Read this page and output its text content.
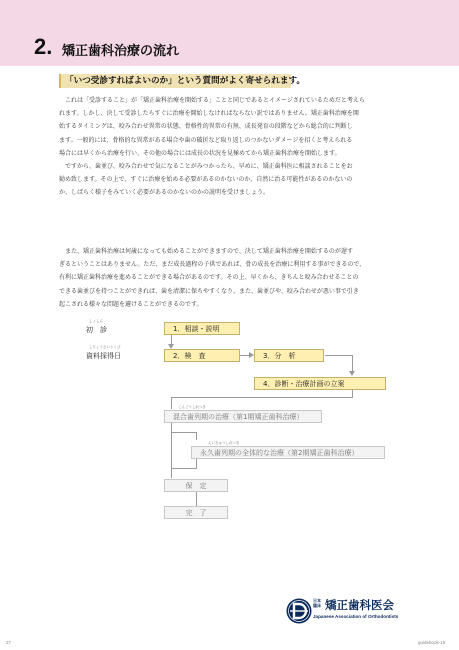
2. 矯正歯科治療の流れ
「いつ受診すればよいのか」という質問がよく寄せられます。

これは「受診すること」が「矯正歯科治療を開始する」ことと同じであるとイメージされているためだと考えら

れます。しかし、決して受診したらすぐに治療を開始しなければならない訳ではありません。矯正歯科治療を開

始するタイミングは、咬み合わせ異常の状態、骨格性的異常の有無、成長発育の段階などから総合的に判断し

ます。一般的には、骨格的な異常がある場合や歯の破折など取り返しのつかないダメージを招くと考えられる

場合には早くから治療を行い、その他の場合には成長の状況を見極めてから矯正歯科治療を開始します。

ですから、歯並び、咬み合わせで気になることがみつかったら、早めに、矯正歯科医に相談されることをお

勧め致します。その上で、すぐに治療を始める必要があるのかないのか、自然に治る可能性があるのかないの

か、しばらく様子をみていく必要があるのかないのかの説明を受けましょう。

また、矯正歯科治療は何歳になっても始めることができますので、決して矯正歯科治療を開始するのが遅す

ぎるということはありません。ただ、まだ成長過程の子供であれば、骨の成長を治療に利用する事ができるので、

有利に矯正歯科治療を進めることができる場合があるのです。その上、早くから、きちんと咬み合わせることの

できる歯並びを持つことができれば、歯を清潔に保ちやすくなり、また、歯並びや、咬み合わせが悪い事で引き

起こされる様々な問題を避けることができるのです。

しょしん
初　診
しりょうさいとくび
資料採得日
1．相談・説明
2．検　査	3．分　析
4．診断・治療計画の立案
こんごうしれつき
混合歯列期の治療（第1期矯正歯科治療）
えいきゅうしれつき
永久歯列期の全体的な治療（第2期矯正歯科治療）
保　定
完　了
日本臨床 矯正歯科医会
Japanese Association of Orthodontists
27	guidebook-16
